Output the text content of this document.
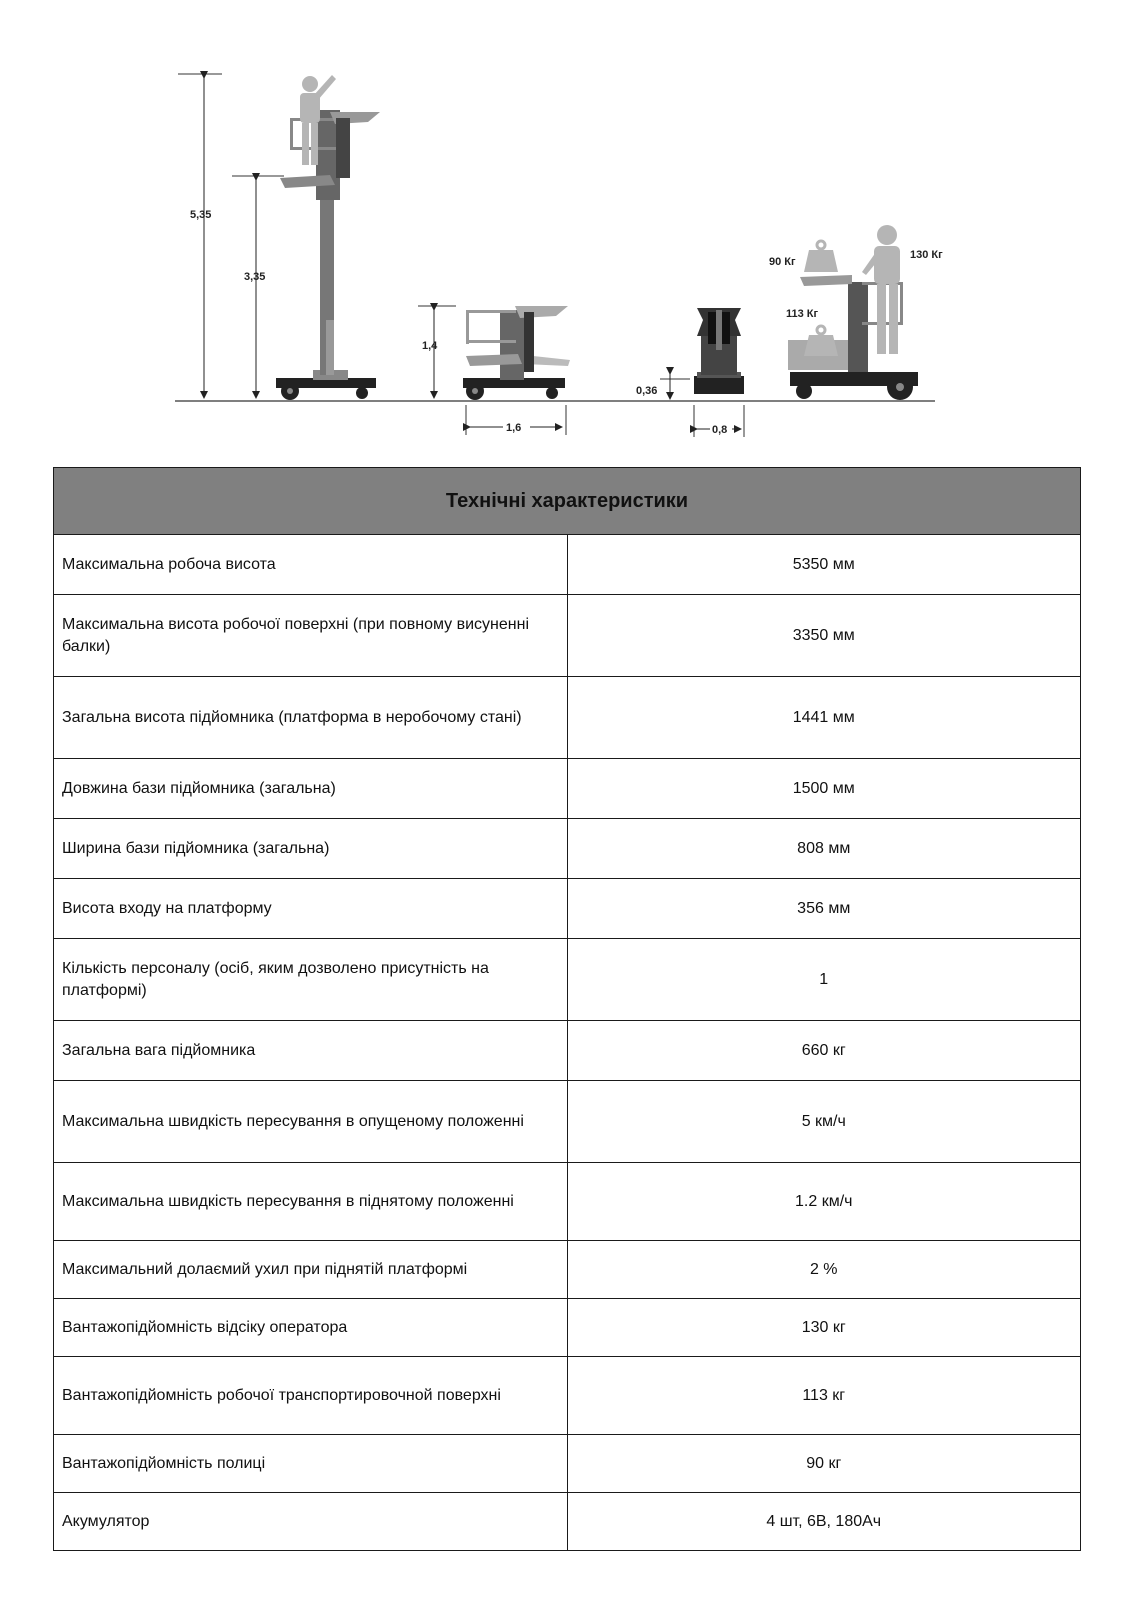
5,35
3,35
1,4
1,6
0,36
0,8
90 Кг
130 Кг
113 Кг
Технічні характеристики	
Максимальна робоча висота	5350 мм
Максимальна висота робочої поверхні (при повному висуненні балки)	3350 мм
Загальна висота підйомника (платформа в неробочому стані)	1441 мм
Довжина бази підйомника (загальна)	1500 мм
Ширина бази підйомника (загальна)	808 мм
Висота входу на платформу	356 мм
Кількість персоналу (осіб, яким дозволено присутність на платформі)	1
Загальна вага підйомника	660 кг
Максимальна швидкість пересування в опущеному положенні	5 км/ч
Максимальна швидкість пересування в піднятому положенні	1.2 км/ч
Максимальний долаємий ухил при піднятій платформі	2 %
Вантажопідйомність відсіку оператора	130 кг
Вантажопідйомність робочої транспортировочной поверхні	113 кг
Вантажопідйомність полиці	90 кг
Акумулятор	4 шт, 6В, 180Ач
